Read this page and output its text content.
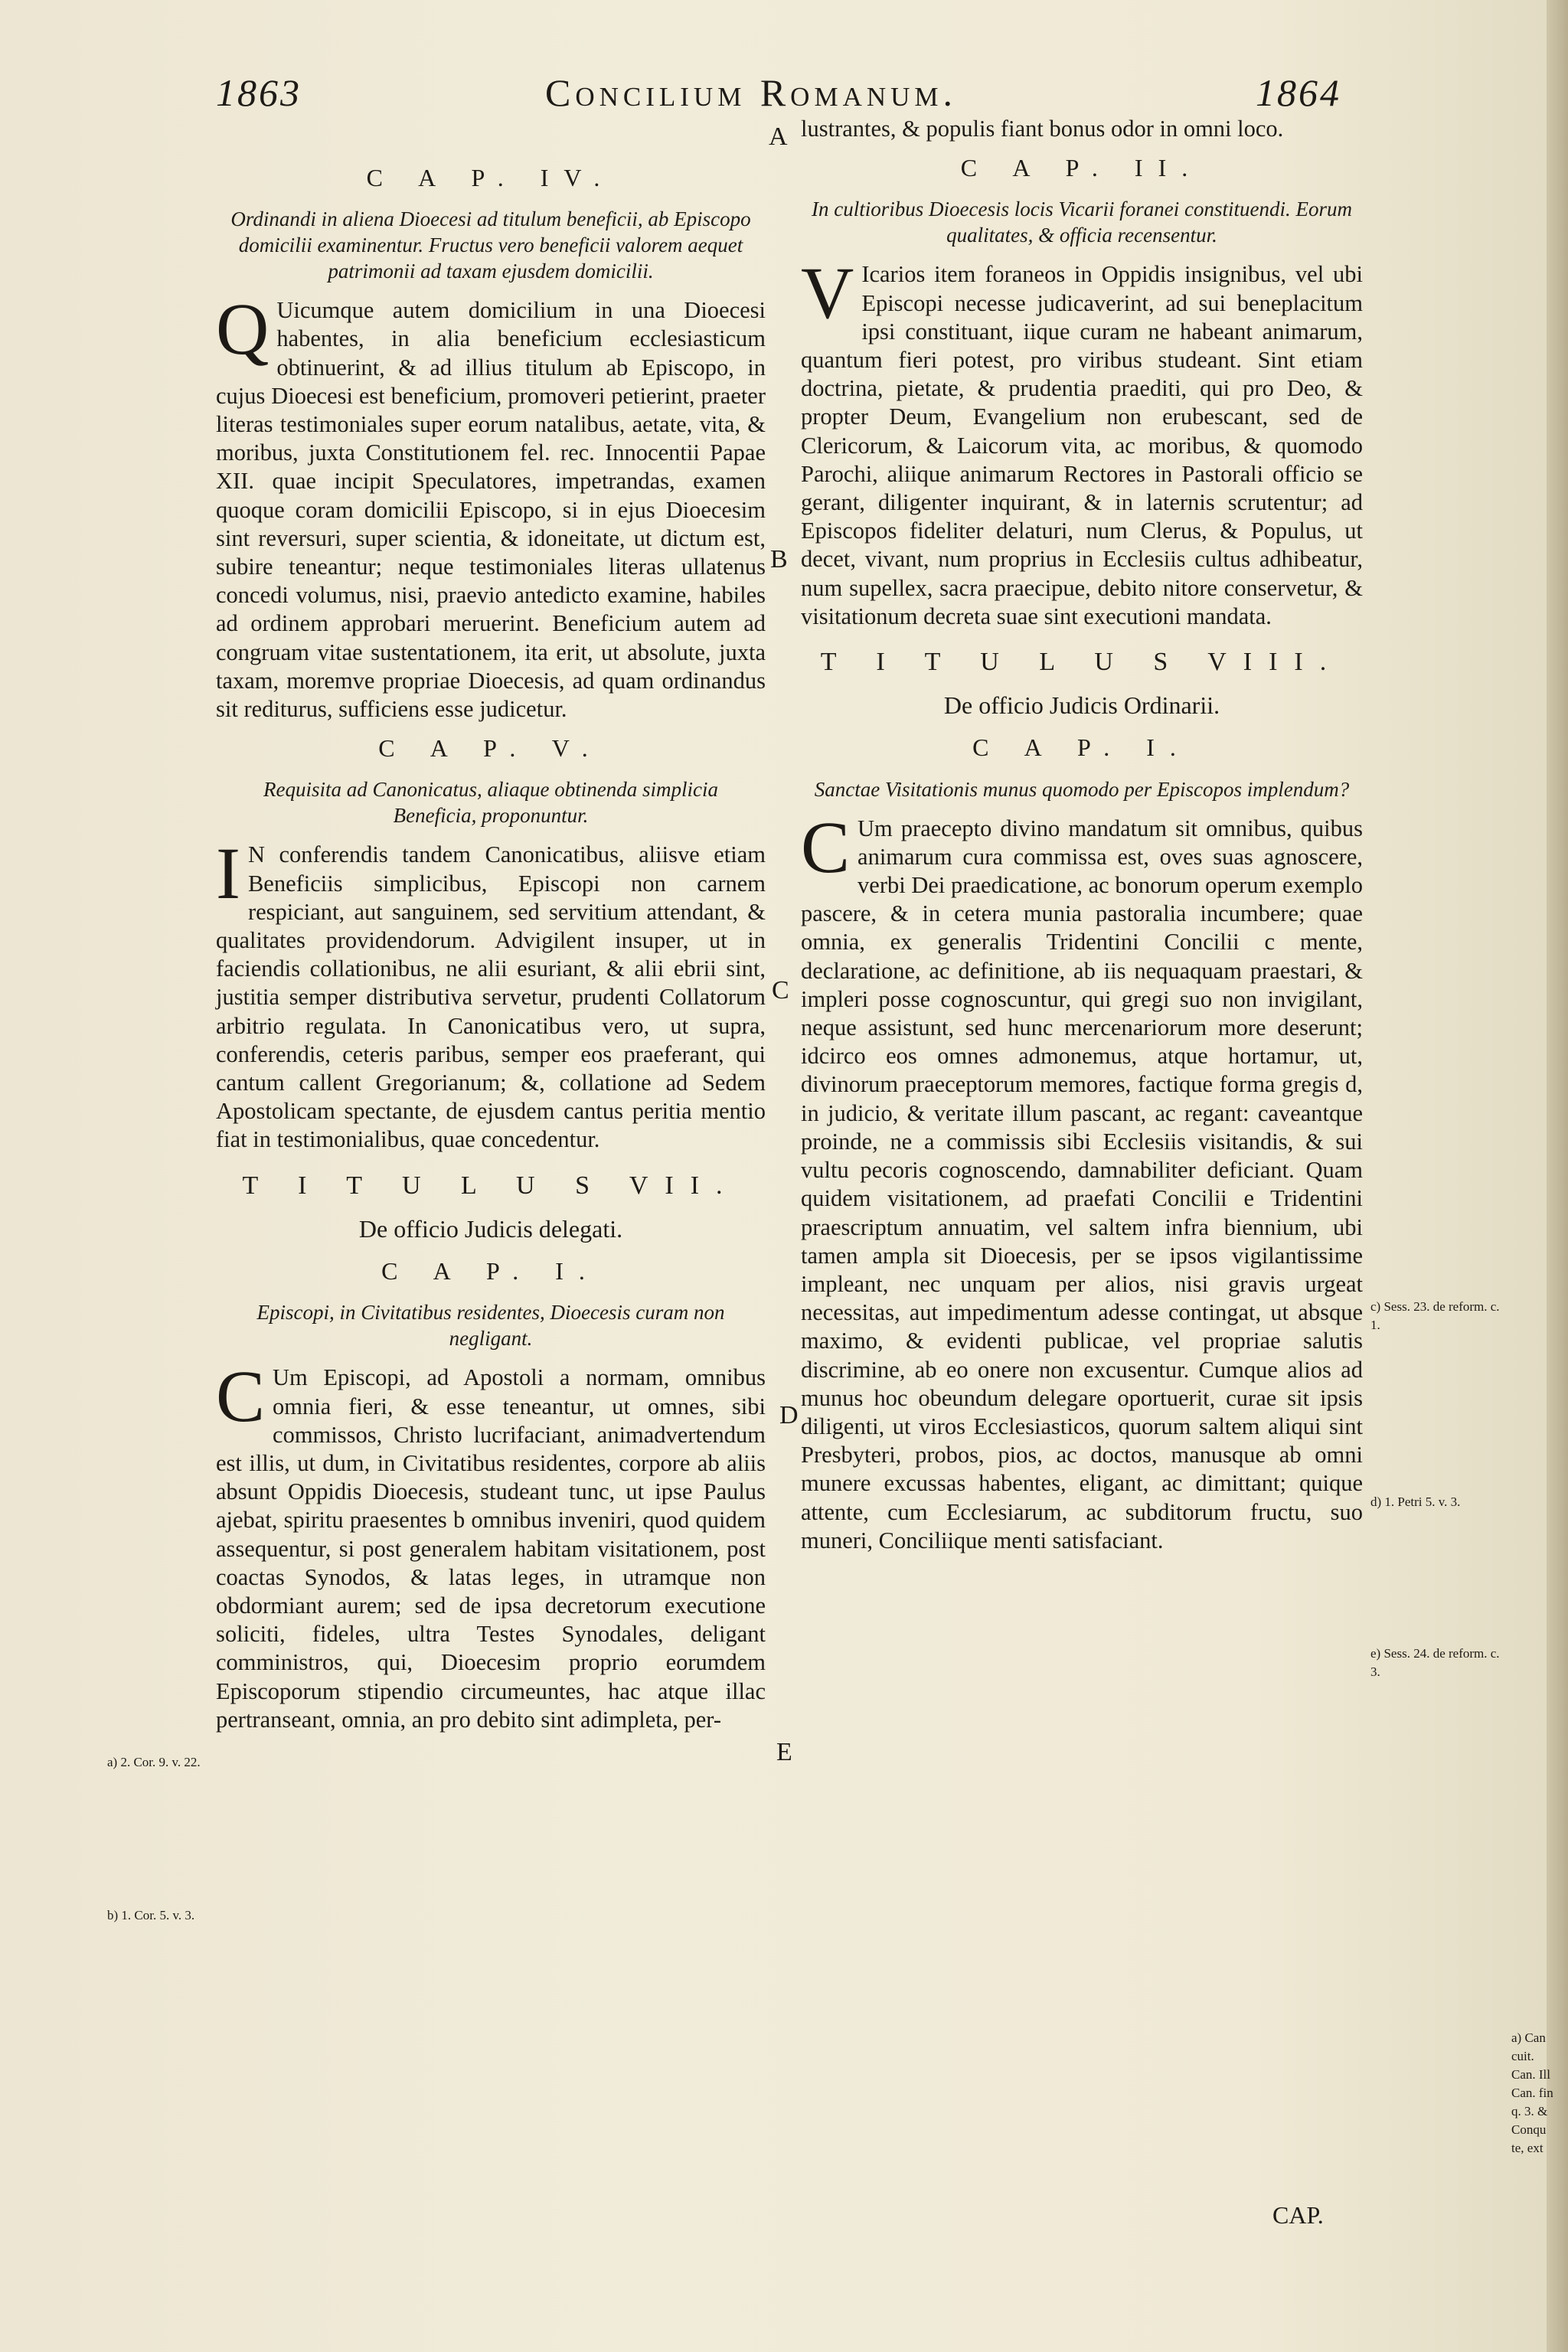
1863	Concilium Romanum.	1864
C A P. IV.
Ordinandi in aliena Dioecesi ad titulum beneficii, ab Episcopo domicilii examinentur. Fructus vero beneficii valorem aequet patrimonii ad taxam ejusdem domicilii.

Q Uicumque autem domicilium in una Dioecesi habentes, in alia beneficium ecclesiasticum obtinuerint, & ad illius titulum ab Episcopo, in cujus Dioecesi est beneficium, promoveri petierint, praeter literas testimoniales super eorum natalibus, aetate, vita, & moribus, juxta Constitutionem fel. rec. Innocentii Papae XII. quae incipit Speculatores, impetrandas, examen quoque coram domicilii Episcopo, si in ejus Dioecesim sint reversuri, super scientia, & idoneitate, ut dictum est, subire teneantur; neque testimoniales literas ullatenus concedi volumus, nisi, praevio antedicto examine, habiles ad ordinem approbari meruerint. Beneficium autem ad congruam vitae sustentationem, ita erit, ut absolute, juxta taxam, moremve propriae Dioecesis, ad quam ordinandus sit rediturus, sufficiens esse judicetur.

C A P. V.
Requisita ad Canonicatus, aliaque obtinenda simplicia Beneficia, proponuntur.

I N conferendis tandem Canonicatibus, aliisve etiam Beneficiis simplicibus, Episcopi non carnem respiciant, aut sanguinem, sed servitium attendant, & qualitates providendorum. Advigilent insuper, ut in faciendis collationibus, ne alii esuriant, & alii ebrii sint, justitia semper distributiva servetur, prudenti Collatorum arbitrio regulata. In Canonicatibus vero, ut supra, conferendis, ceteris paribus, semper eos praeferant, qui cantum callent Gregorianum; &, collatione ad Sedem Apostolicam spectante, de ejusdem cantus peritia mentio fiat in testimonialibus, quae concedentur.

T I T U L U S VII.
De officio Judicis delegati.
C A P. I.
Episcopi, in Civitatibus residentes, Dioecesis curam non negligant.

C Um Episcopi, ad Apostoli a normam, omnibus omnia fieri, & esse teneantur, ut omnes, sibi commissos, Christo lucrifaciant, animadvertendum est illis, ut dum, in Civitatibus residentes, corpore ab aliis absunt Oppidis Dioecesis, studeant tunc, ut ipse Paulus ajebat, spiritu praesentes b omnibus inveniri, quod quidem assequentur, si post generalem habitam visitationem, post coactas Synodos, & latas leges, in utramque non obdormiant aurem; sed de ipsa decretorum executione soliciti, fideles, ultra Testes Synodales, deligant comministros, qui, Dioecesim proprio eorumdem Episcoporum stipendio circumeuntes, hac atque illac pertranseant, omnia, an pro debito sint adimpleta, per-

lustrantes, & populis fiant bonus odor in omni loco.

C A P. II.
In cultioribus Dioecesis locis Vicarii foranei constituendi. Eorum qualitates, & officia recensentur.

V Icarios item foraneos in Oppidis insignibus, vel ubi Episcopi necesse judicaverint, ad sui beneplacitum ipsi constituant, iique curam ne habeant animarum, quantum fieri potest, pro viribus studeant. Sint etiam doctrina, pietate, & prudentia praediti, qui pro Deo, & propter Deum, Evangelium non erubescant, sed de Clericorum, & Laicorum vita, ac moribus, & quomodo Parochi, aliique animarum Rectores in Pastorali officio se gerant, diligenter inquirant, & in laternis scrutentur; ad Episcopos fideliter delaturi, num Clerus, & Populus, ut decet, vivant, num proprius in Ecclesiis cultus adhibeatur, num supellex, sacra praecipue, debito nitore conservetur, & visitationum decreta suae sint executioni mandata.

T I T U L U S VIII.
De officio Judicis Ordinarii.
C A P. I.
Sanctae Visitationis munus quomodo per Episcopos implendum?

C Um praecepto divino mandatum sit omnibus, quibus animarum cura commissa est, oves suas agnoscere, verbi Dei praedicatione, ac bonorum operum exemplo pascere, & in cetera munia pastoralia incumbere; quae omnia, ex generalis Tridentini Concilii c mente, declaratione, ac definitione, ab iis nequaquam praestari, & impleri posse cognoscuntur, qui gregi suo non invigilant, neque assistunt, sed hunc mercenariorum more deserunt; idcirco eos omnes admonemus, atque hortamur, ut, divinorum praeceptorum memores, factique forma gregis d, in judicio, & veritate illum pascant, ac regant: caveantque proinde, ne a commissis sibi Ecclesiis visitandis, & sui vultu pecoris cognoscendo, damnabiliter deficiant. Quam quidem visitationem, ad praefati Concilii e Tridentini praescriptum annuatim, vel saltem infra biennium, ubi tamen ampla sit Dioecesis, per se ipsos vigilantissime impleant, nec unquam per alios, nisi gravis urgeat necessitas, aut impedimentum adesse contingat, ut absque maximo, & evidenti publicae, vel propriae salutis discrimine, ab eo onere non excusentur. Cumque alios ad munus hoc obeundum delegare oportuerit, curae sit ipsis diligenti, ut viros Ecclesiasticos, quorum saltem aliqui sint Presbyteri, probos, pios, ac doctos, manusque ab omni munere excussas habentes, eligant, ac dimittant; quique attente, cum Ecclesiarum, ac subditorum fructu, suo muneri, Conciliique menti satisfaciant.

A
B
C
D
E
a) 2. Cor. 9. v. 22.
b) 1. Cor. 5. v. 3.
c) Sess. 23. de reform. c. 1.
d) 1. Petri 5. v. 3.
e) Sess. 24. de reform. c. 3.
a) Can cuit. Can. Ill Can. fin q. 3. & Conqu te, ext
CAP.
